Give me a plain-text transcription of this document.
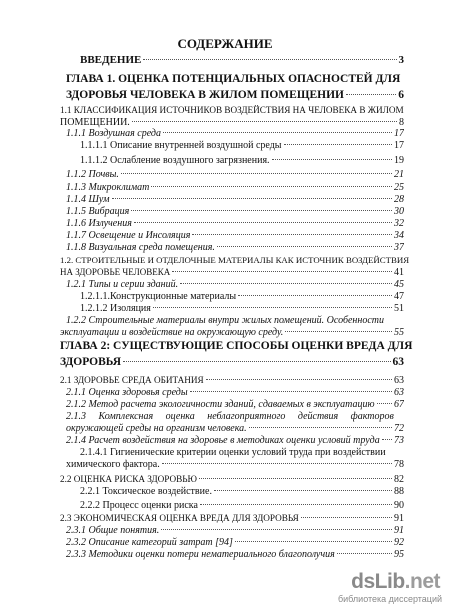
СОДЕРЖАНИЕ
ВВЕДЕНИЕ	3
ГЛАВА 1. ОЦЕНКА ПОТЕНЦИАЛЬНЫХ ОПАСНОСТЕЙ ДЛЯ
ЗДОРОВЬЯ ЧЕЛОВЕКА В ЖИЛОМ ПОМЕЩЕНИИ	6
1.1 КЛАССИФИКАЦИЯ ИСТОЧНИКОВ ВОЗДЕЙСТВИЯ НА ЧЕЛОВЕКА В ЖИЛОМ
ПОМЕЩЕНИИ.	8
1.1.1 Воздушная среда	17
1.1.1.1 Описание внутренней воздушной среды	17
1.1.1.2 Ослабление воздушного загрязнения.	19
1.1.2 Почвы.	21
1.1.3 Микроклимат	25
1.1.4 Шум	28
1.1.5 Вибрация	30
1.1.6 Излучения	32
1.1.7 Освещение и Инсоляция	34
1.1.8 Визуальная среда помещения.	37
1.2. СТРОИТЕЛЬНЫЕ И ОТДЕЛОЧНЫЕ МАТЕРИАЛЫ КАК ИСТОЧНИК ВОЗДЕЙСТВИЯ
НА ЗДОРОВЬЕ ЧЕЛОВЕКА	41
1.2.1 Типы и серии зданий.	45
1.2.1.1.Конструкционные материалы	47
1.2.1.2 Изоляция	51
1.2.2 Строительные материалы внутри жилых помещений. Особенности
эксплуатации и воздействие на окружающую среду.	55
ГЛАВА 2: СУЩЕСТВУЮЩИЕ СПОСОБЫ ОЦЕНКИ ВРЕДА ДЛЯ
ЗДОРОВЬЯ	63
2.1 ЗДОРОВЬЕ СРЕДА ОБИТАНИЯ	63
2.1.1 Оценка здоровья среды	63
2.1.2 Метод расчета экологичности зданий, сдаваемых в эксплуатацию 67
2.1.3     Комплексная     оценка     неблагоприятного     действия     факторов
окружающей среды на организм человека.	72
2.1.4 Расчет воздействия на здоровье в методиках оценки условий труда 73
2.1.4.1 Гигиенические критерии оценки условий труда при воздействии
химического фактора.	78
2.2 ОЦЕНКА РИСКА ЗДОРОВЬЮ	82
2.2.1 Токсическое воздействие.	88
2.2.2 Процесс оценки риска	90
2.3 ЭКОНОМИЧЕСКАЯ ОЦЕНКА ВРЕДА ДЛЯ ЗДОРОВЬЯ	91
2.3.1 Общие понятия.	91
2.3.2 Описание категорий затрат [94]	92
2.3.3 Методики оценки потери нематериального благополучия	95
dsLib.net
библиотека диссертаций
